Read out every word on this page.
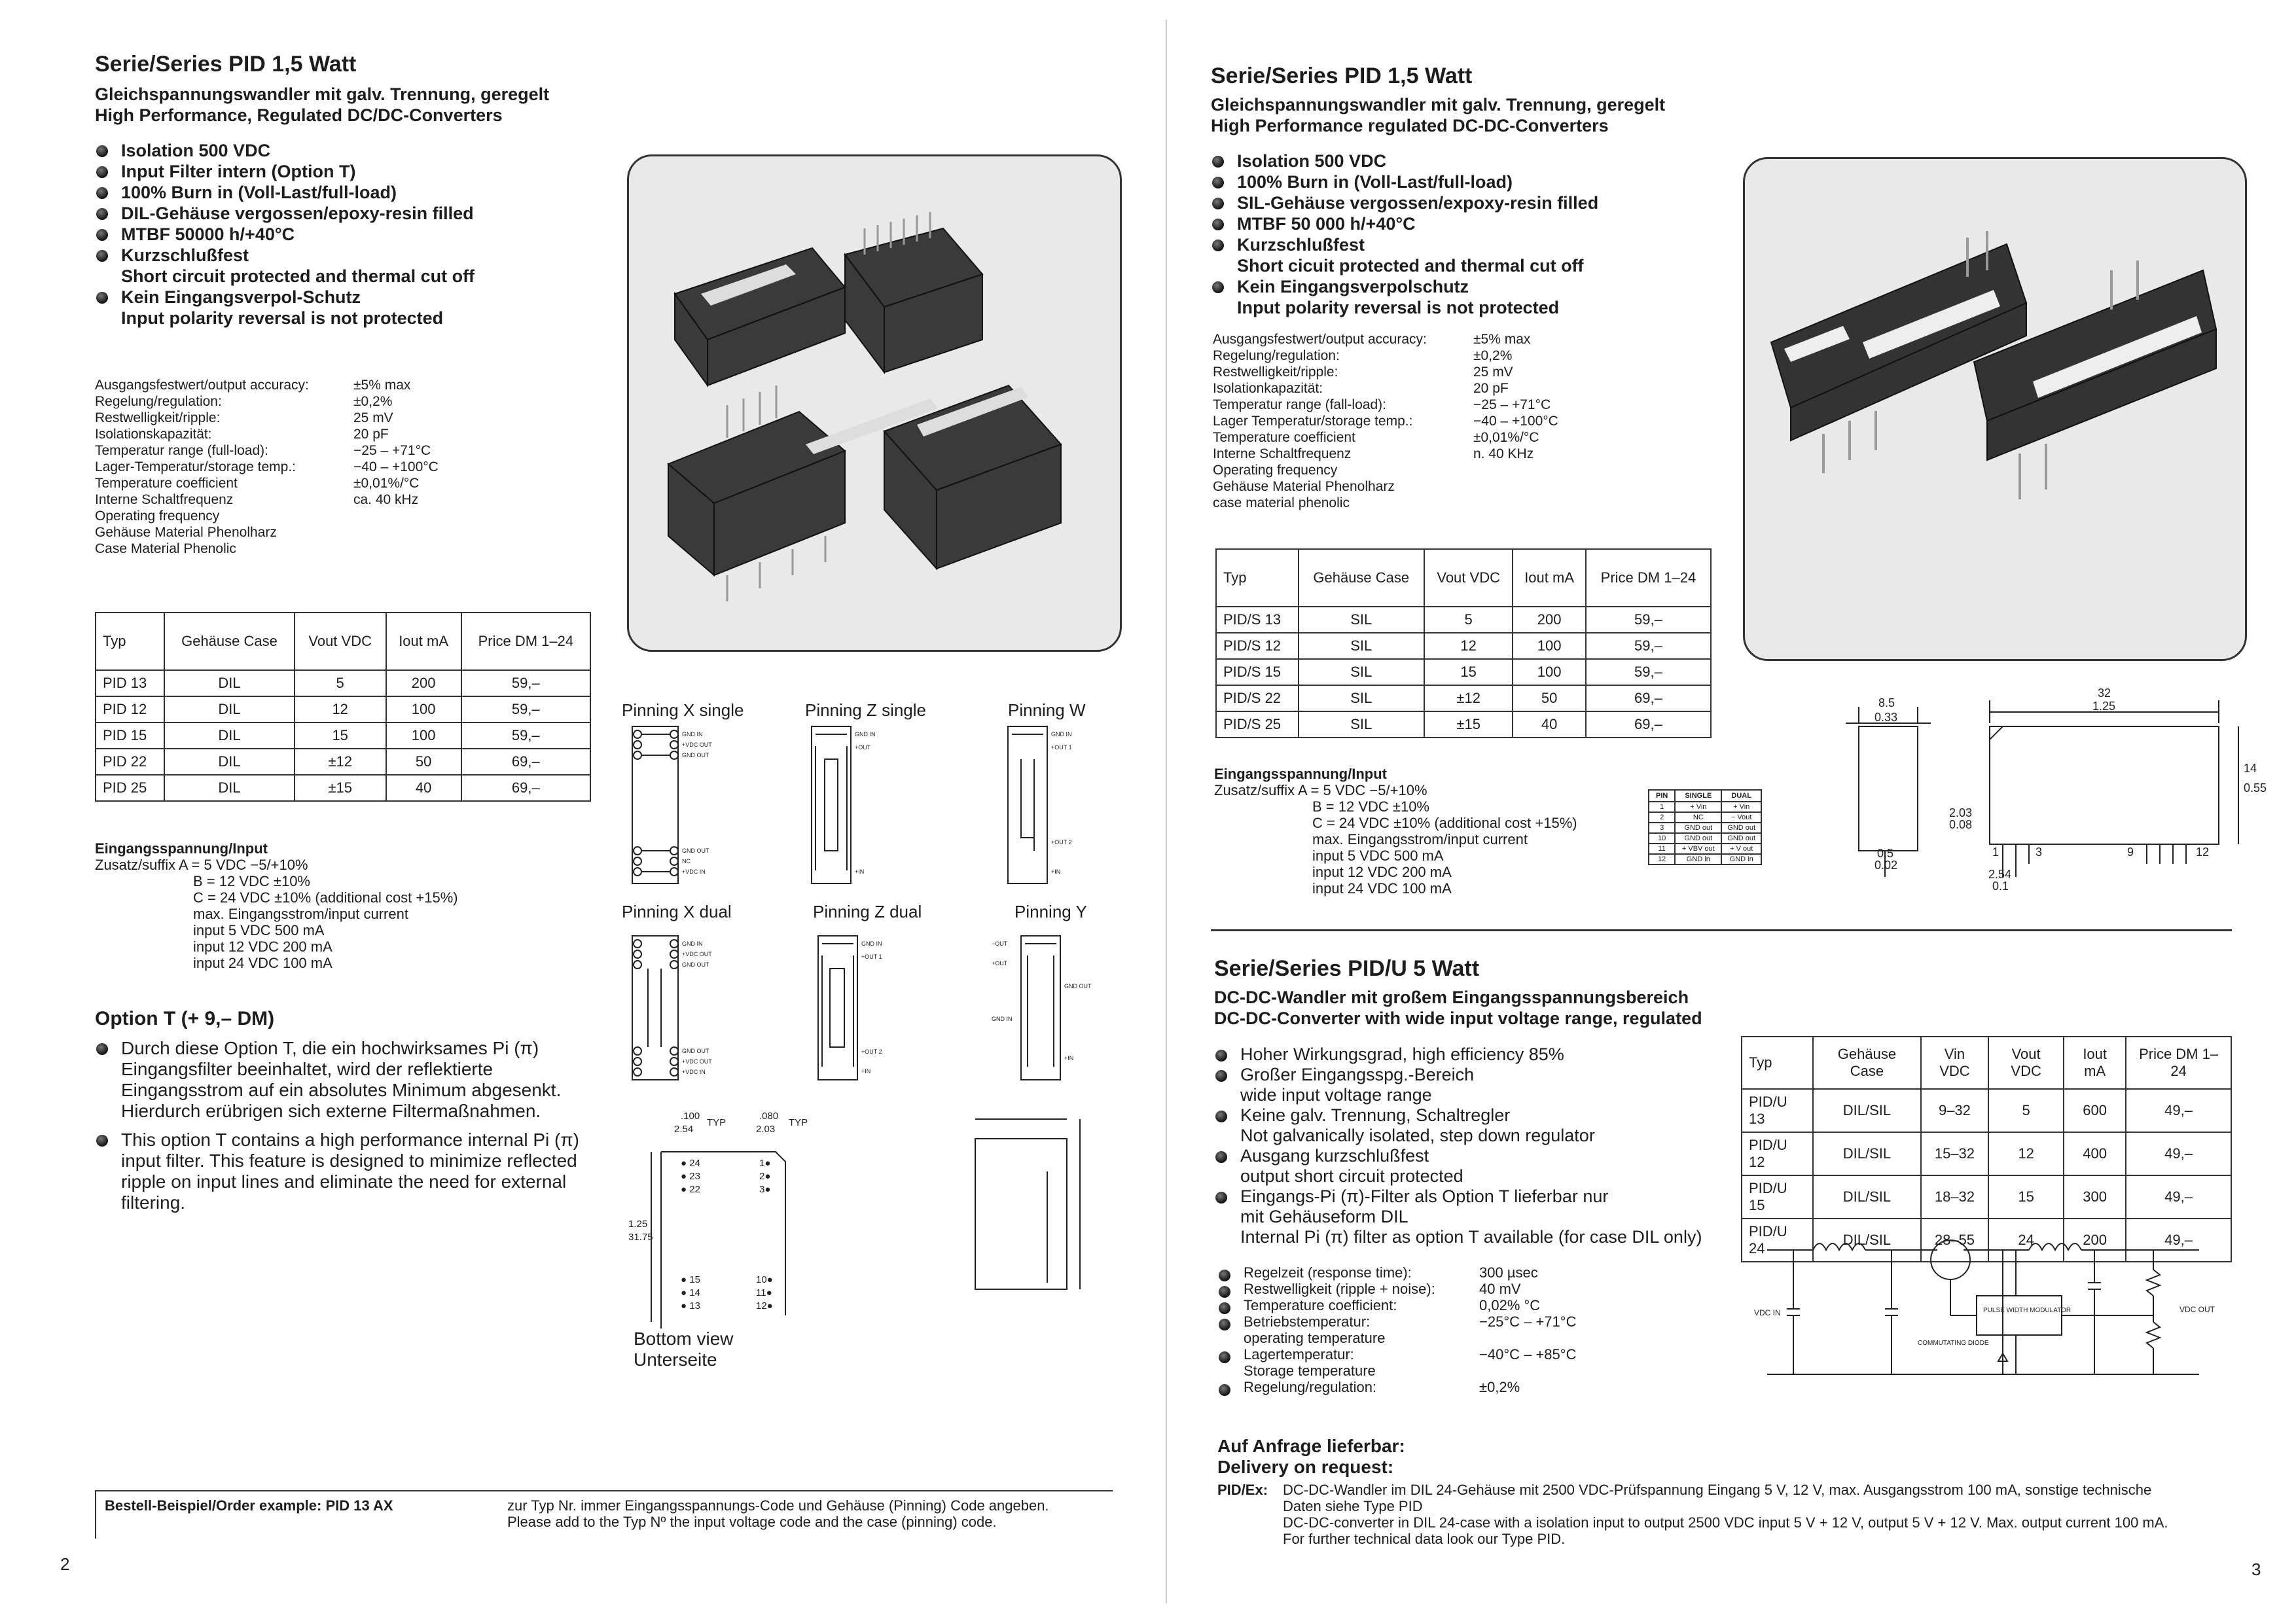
Serie/Series PID 1,5 Watt
Gleichspannungswandler mit galv. Trennung, geregelt
High Performance, Regulated DC/DC-Converters
Isolation 500 VDC
Input Filter intern (Option T)
100% Burn in (Voll-Last/full-load)
DIL-Gehäuse vergossen/epoxy-resin filled
MTBF 50000 h/+40°C
Kurzschlußfest
Short circuit protected and thermal cut off
Kein Eingangsverpol-Schutz
Input polarity reversal is not protected
Ausgangsfestwert/output accuracy:	±5% max
Regelung/regulation:	±0,2%
Restwelligkeit/ripple:	25 mV
Isolationskapazität:	20 pF
Temperatur range (full-load):	−25 – +71°C
Lager-Temperatur/storage temp.:	−40 – +100°C
Temperature coefficient	±0,01%/°C
Interne Schaltfrequenz	ca. 40 kHz
Operating frequency
Gehäuse Material Phenolharz
Case Material Phenolic
Typ	Gehäuse Case	Vout VDC	Iout mA	Price DM 1–24
PID 13	DIL	5	200	59,–
PID 12	DIL	12	100	59,–
PID 15	DIL	15	100	59,–
PID 22	DIL	±12	50	69,–
PID 25	DIL	±15	40	69,–
Eingangsspannung/Input
Zusatz/suffix A = 5 VDC −5/+10%
B = 12 VDC ±10%
C = 24 VDC ±10% (additional cost +15%)
max. Eingangsstrom/input current
input 5 VDC 500 mA
input 12 VDC 200 mA
input 24 VDC 100 mA
Option T (+ 9,– DM)
Durch diese Option T, die ein hochwirksames Pi (π) Eingangsfilter beeinhaltet, wird der reflektierte Eingangsstrom auf ein absolutes Minimum abgesenkt. Hierdurch erübrigen sich externe Filtermaßnahmen.
This option T contains a high performance internal Pi (π) input filter. This feature is designed to minimize reflected ripple on input lines and eliminate the need for external filtering.
Pinning X single	Pinning Z single	Pinning W
Pinning X dual	Pinning Z dual	Pinning Y
GND IN
+VDC OUT
GND OUT
GND OUT
NC
+VDC IN
GND IN
+OUT
+IN
GND IN
+OUT 1
+OUT 2
+IN
GND IN
+VDC OUT
GND OUT
GND OUT
+VDC OUT
+VDC IN
GND IN
+OUT 1
+OUT 2
+IN
−OUT
+OUT
GND IN
GND OUT
+IN
.100
2.54
TYP
.080
2.03
TYP
1.25
31.75
● 24
● 23
● 22
1●
2●
3●
● 15
● 14
● 13
10●
11●
12●
Bottom view
Unterseite
Bestell-Beispiel/Order example: PID 13 AX	zur Typ Nr. immer Eingangsspannungs-Code und Gehäuse (Pinning) Code angeben.
Please add to the Typ Nº the input voltage code and the case (pinning) code.
2
Serie/Series PID 1,5 Watt
Gleichspannungswandler mit galv. Trennung, geregelt
High Performance regulated DC-DC-Converters
Isolation 500 VDC
100% Burn in (Voll-Last/full-load)
SIL-Gehäuse vergossen/expoxy-resin filled
MTBF 50 000 h/+40°C
Kurzschlußfest
Short cicuit protected and thermal cut off
Kein Eingangsverpolschutz
Input polarity reversal is not protected
Ausgangsfestwert/output accuracy:	±5% max
Regelung/regulation:	±0,2%
Restwelligkeit/ripple:	25 mV
Isolationkapazität:	20 pF
Temperatur range (fall-load):	−25 – +71°C
Lager Temperatur/storage temp.:	−40 – +100°C
Temperature coefficient	±0,01%/°C
Interne Schaltfrequenz	n. 40 KHz
Operating frequency
Gehäuse Material Phenolharz
case material phenolic
Typ	Gehäuse Case	Vout VDC	Iout mA	Price DM 1–24
PID/S 13	SIL	5	200	59,–
PID/S 12	SIL	12	100	59,–
PID/S 15	SIL	15	100	59,–
PID/S 22	SIL	±12	50	69,–
PID/S 25	SIL	±15	40	69,–
Eingangsspannung/Input
Zusatz/suffix A = 5 VDC −5/+10%
B = 12 VDC ±10%
C = 24 VDC ±10% (additional cost +15%)
max. Eingangsstrom/input current
input 5 VDC 500 mA
input 12 VDC 200 mA
input 24 VDC 100 mA
PIN	SINGLE	DUAL
1	+ Vin	+ Vin
2	NC	− Vout
3	GND out	GND out
10	GND out	GND out
11	+ VBV out	+ V out
12	GND in	GND in
8.5
0.33
32
1.25
14
0.55
2.03
0.08
0.5
0.02
2.54
0.1
1	3	9	12
Serie/Series PID/U 5 Watt
DC-DC-Wandler mit großem Eingangsspannungsbereich
DC-DC-Converter with wide input voltage range, regulated
Hoher Wirkungsgrad, high efficiency 85%
Großer Eingangsspg.-Bereich
wide input voltage range
Keine galv. Trennung, Schaltregler
Not galvanically isolated, step down regulator
Ausgang kurzschlußfest
output short circuit protected
Eingangs-Pi (π)-Filter als Option T lieferbar nur
mit Gehäuseform DIL
Internal Pi (π) filter as option T available (for case DIL only)
Regelzeit (response time):	300 µsec
Restwelligkeit (ripple + noise):	40 mV
Temperature coefficient:	0,02% °C
Betriebstemperatur:	−25°C – +71°C
operating temperature
Lagertemperatur:	−40°C – +85°C
Storage temperature
Regelung/regulation:	±0,2%
Typ	Gehäuse Case	Vin VDC	Vout VDC	Iout mA	Price DM 1–24
PID/U 13	DIL/SIL	9–32	5	600	49,–
PID/U 12	DIL/SIL	15–32	12	400	49,–
PID/U 15	DIL/SIL	18–32	15	300	49,–
PID/U 24	DIL/SIL	28–55	24	200	49,–
VDC IN	VDC OUT
PULSE WIDTH MODULATOR
COMMUTATING DIODE
Auf Anfrage lieferbar:
Delivery on request:
PID/Ex: DC-DC-Wandler im DIL 24-Gehäuse mit 2500 VDC-Prüfspannung Eingang 5 V, 12 V, max. Ausgangsstrom 100 mA, sonstige technische
Daten siehe Type PID
DC-DC-converter in DIL 24-case with a isolation input to output 2500 VDC input 5 V + 12 V, output 5 V + 12 V. Max. output current 100 mA.
For further technical data look our Type PID.
3
